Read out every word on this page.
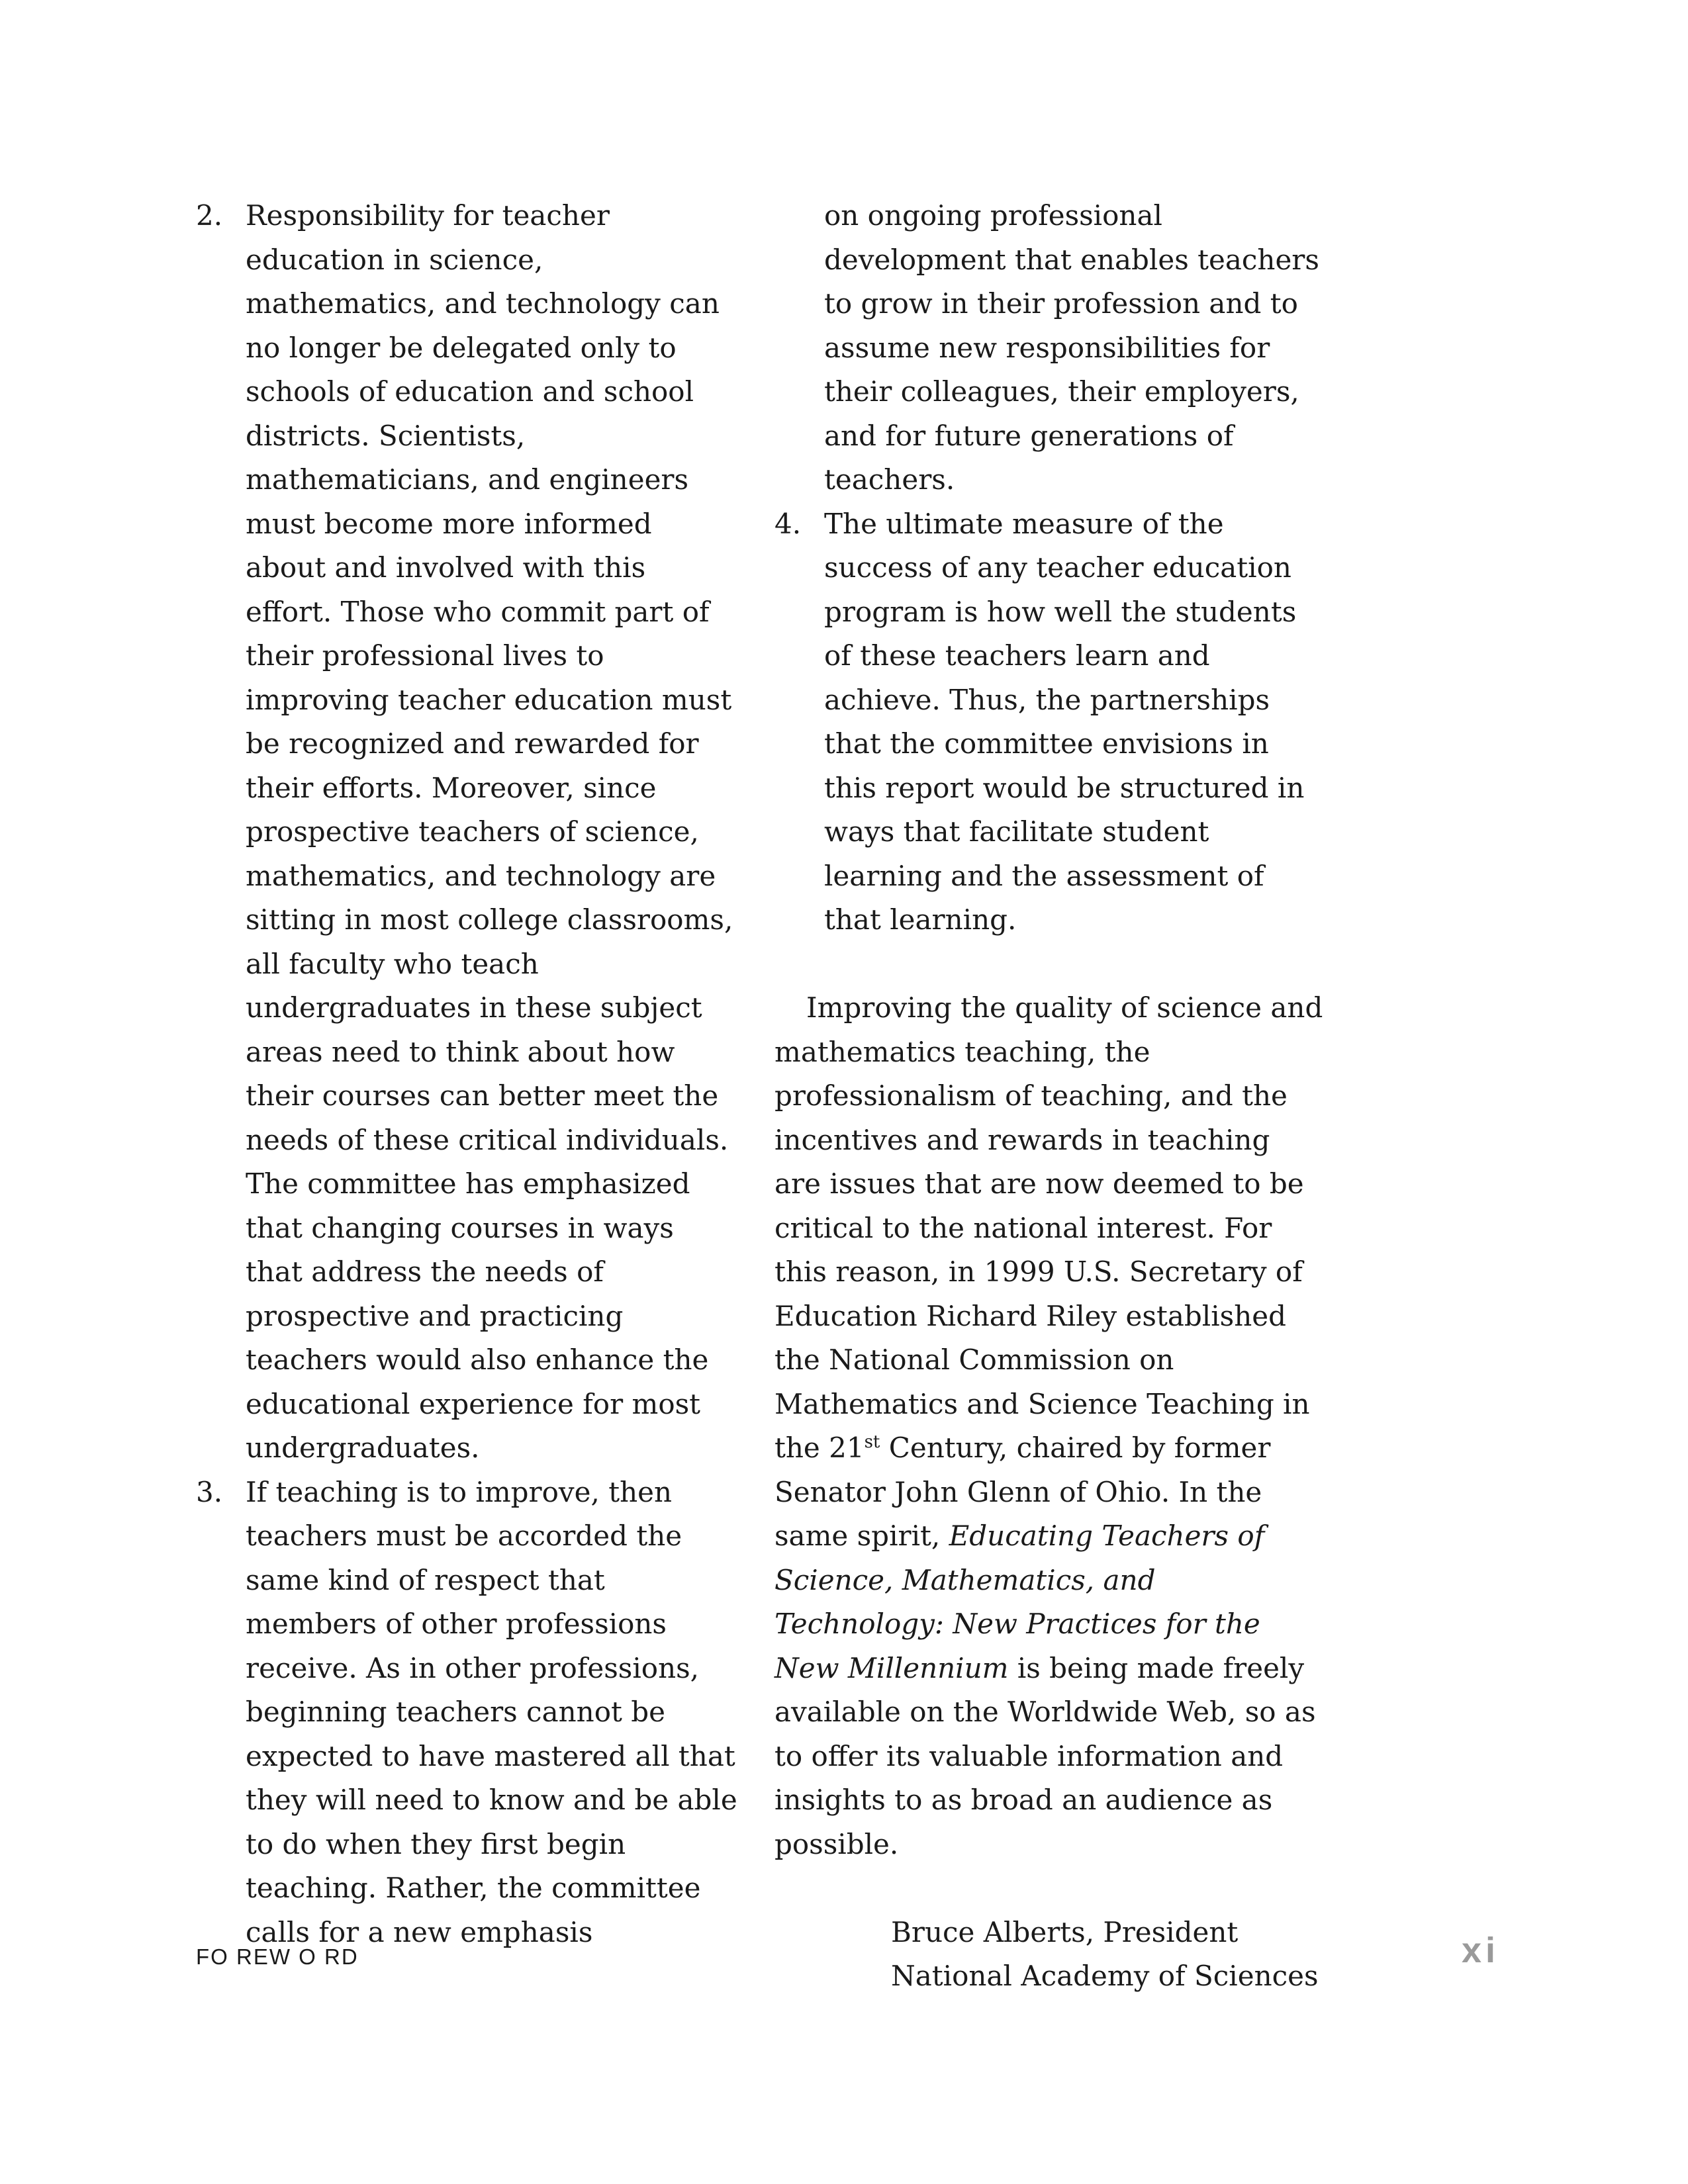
2. Responsibility for teacher education in science, mathematics, and technology can no longer be delegated only to schools of education and school districts. Scientists, mathematicians, and engineers must become more informed about and involved with this effort. Those who commit part of their professional lives to improving teacher education must be recognized and rewarded for their efforts. Moreover, since prospective teachers of science, mathematics, and technology are sitting in most college classrooms, all faculty who teach undergraduates in these subject areas need to think about how their courses can better meet the needs of these critical individuals. The committee has emphasized that changing courses in ways that address the needs of prospective and practicing teachers would also enhance the educational experience for most undergraduates.
3. If teaching is to improve, then teachers must be accorded the same kind of respect that members of other professions receive. As in other professions, beginning teachers cannot be expected to have mastered all that they will need to know and be able to do when they first begin teaching. Rather, the committee calls for a new emphasis
on ongoing professional development that enables teachers to grow in their profession and to assume new responsibilities for their colleagues, their employers, and for future generations of teachers.
4. The ultimate measure of the success of any teacher education program is how well the students of these teachers learn and achieve. Thus, the partnerships that the committee envisions in this report would be structured in ways that facilitate student learning and the assessment of that learning.

Improving the quality of science and mathematics teaching, the professionalism of teaching, and the incentives and rewards in teaching are issues that are now deemed to be critical to the national interest. For this reason, in 1999 U.S. Secretary of Education Richard Riley established the National Commission on Mathematics and Science Teaching in the 21st Century, chaired by former Senator John Glenn of Ohio. In the same spirit, Educating Teachers of Science, Mathematics, and Technology: New Practices for the New Millennium is being made freely available on the Worldwide Web, so as to offer its valuable information and insights to as broad an audience as possible.

Bruce Alberts, President
National Academy of Sciences
FO REW O RD	xi
